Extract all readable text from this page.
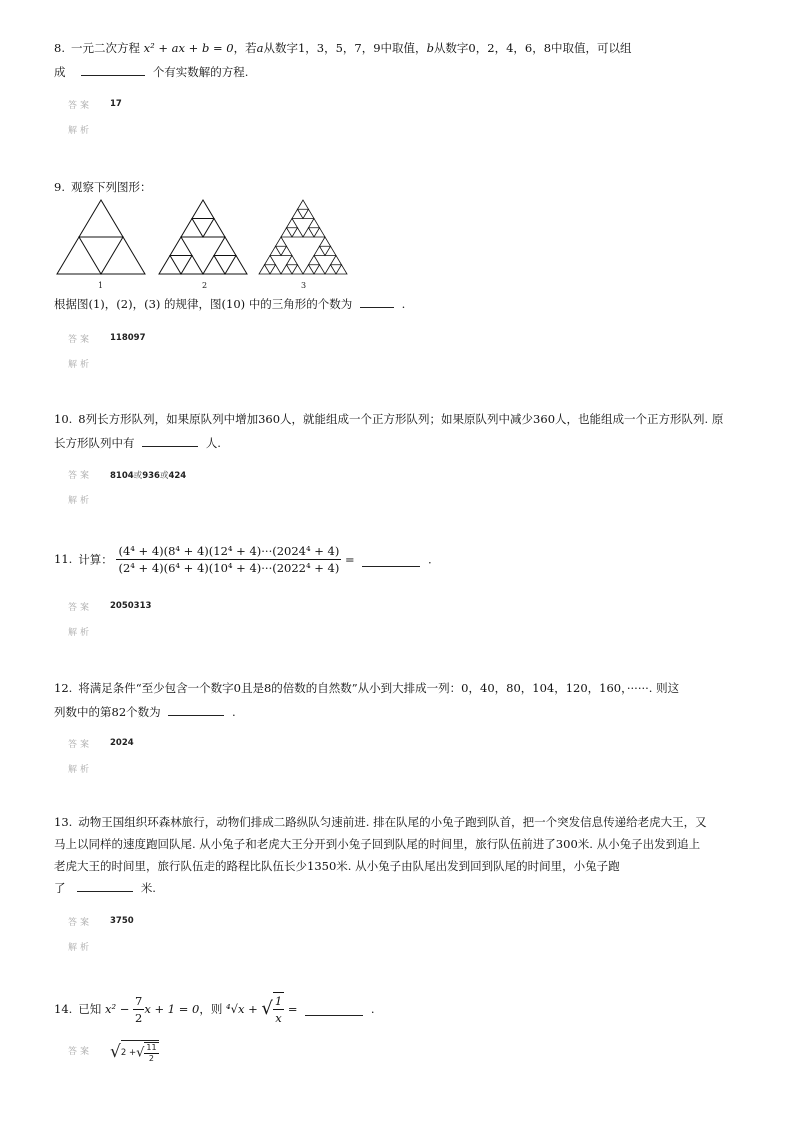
8. 一元二次方程 x² + ax + b = 0，若a从数字1，3，5，7，9中取值，b从数字0，2，4，6，8中取值，可以组
成	个有实数解的方程.
答案 17
解析
9. 观察下列图形：
1	2	3
根据图(1)，(2)，(3) 的规律，图(10) 中的三角形的个数为	.
答案 118097
解析
10. 8列长方形队列，如果原队列中增加360人，就能组成一个正方形队列；如果原队列中减少360人，也能组成一个正方形队列. 原
长方形队列中有	人.
答案 8104或936或424
解析
11. 计算： $\frac{\text{(4⁴ + 4)(8⁴ + 4)(12⁴ + 4)···(2024⁴ + 4)}}{\text{(2⁴ + 4)(6⁴ + 4)(10⁴ + 4)···(2022⁴ + 4)}}$ =	.
答案 2050313
解析
12. 将满足条件“至少包含一个数字0且是8的倍数的自然数”从小到大排成一列：0，40，80，104，120，160，······. 则这
列数中的第82个数为	.
答案 2024
解析
13. 动物王国组织环森林旅行，动物们排成二路纵队匀速前进. 排在队尾的小兔子跑到队首，把一个突发信息传递给老虎大王，又
马上以同样的速度跑回队尾. 从小兔子和老虎大王分开到小兔子回到队尾的时间里，旅行队伍前进了300米. 从小兔子出发到追上
老虎大王的时间里，旅行队伍走的路程比队伍长少1350米. 从小兔子由队尾出发到回到队尾的时间里，小兔子跑
了	米.
答案 3750
解析
14. 已知 $x^2 - \frac{7}{2}$ x + 1 = 0，则 ⁴√x + √ $\frac{1}{x}$ =	.
答案 √2 +√ $\frac{11}{2}$
